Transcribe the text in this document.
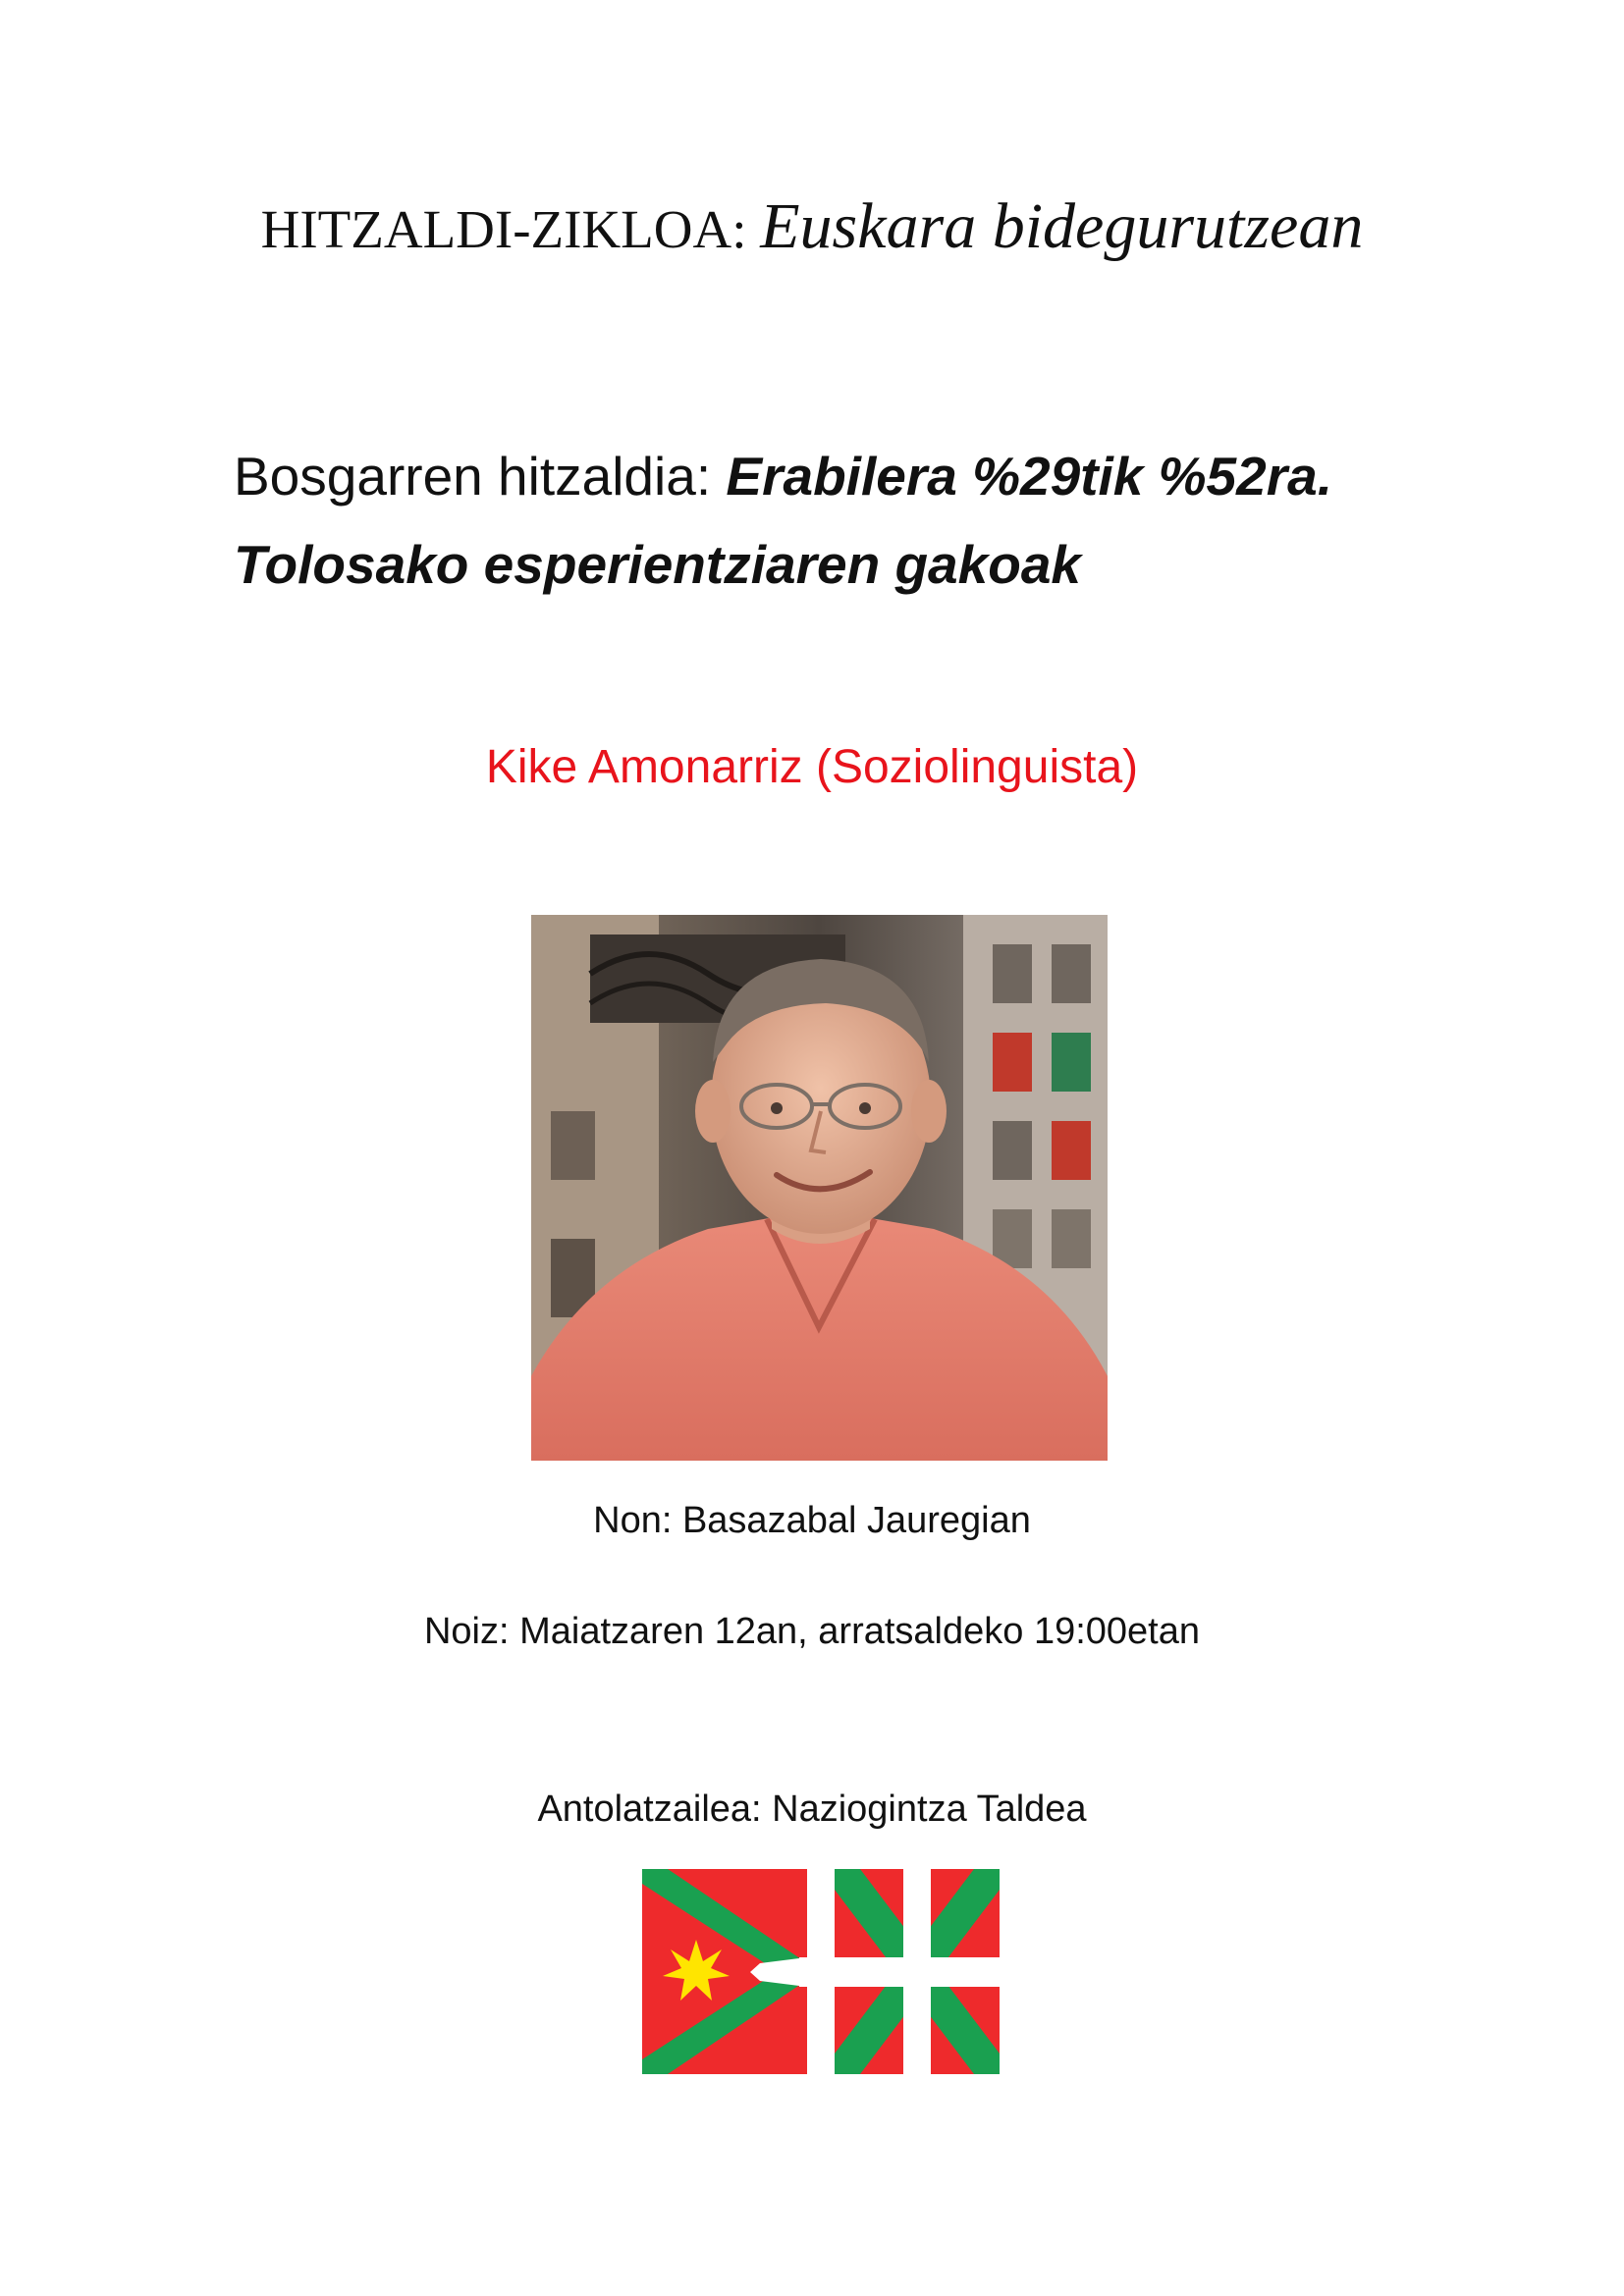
HITZALDI-ZIKLOA: Euskara bidegurutzean
Bosgarren hitzaldia: Erabilera %29tik %52ra. Tolosako esperientziaren gakoak
Kike Amonarriz (Soziolinguista)
Non: Basazabal Jauregian
Noiz: Maiatzaren 12an, arratsaldeko 19:00etan
Antolatzailea: Naziogintza Taldea
